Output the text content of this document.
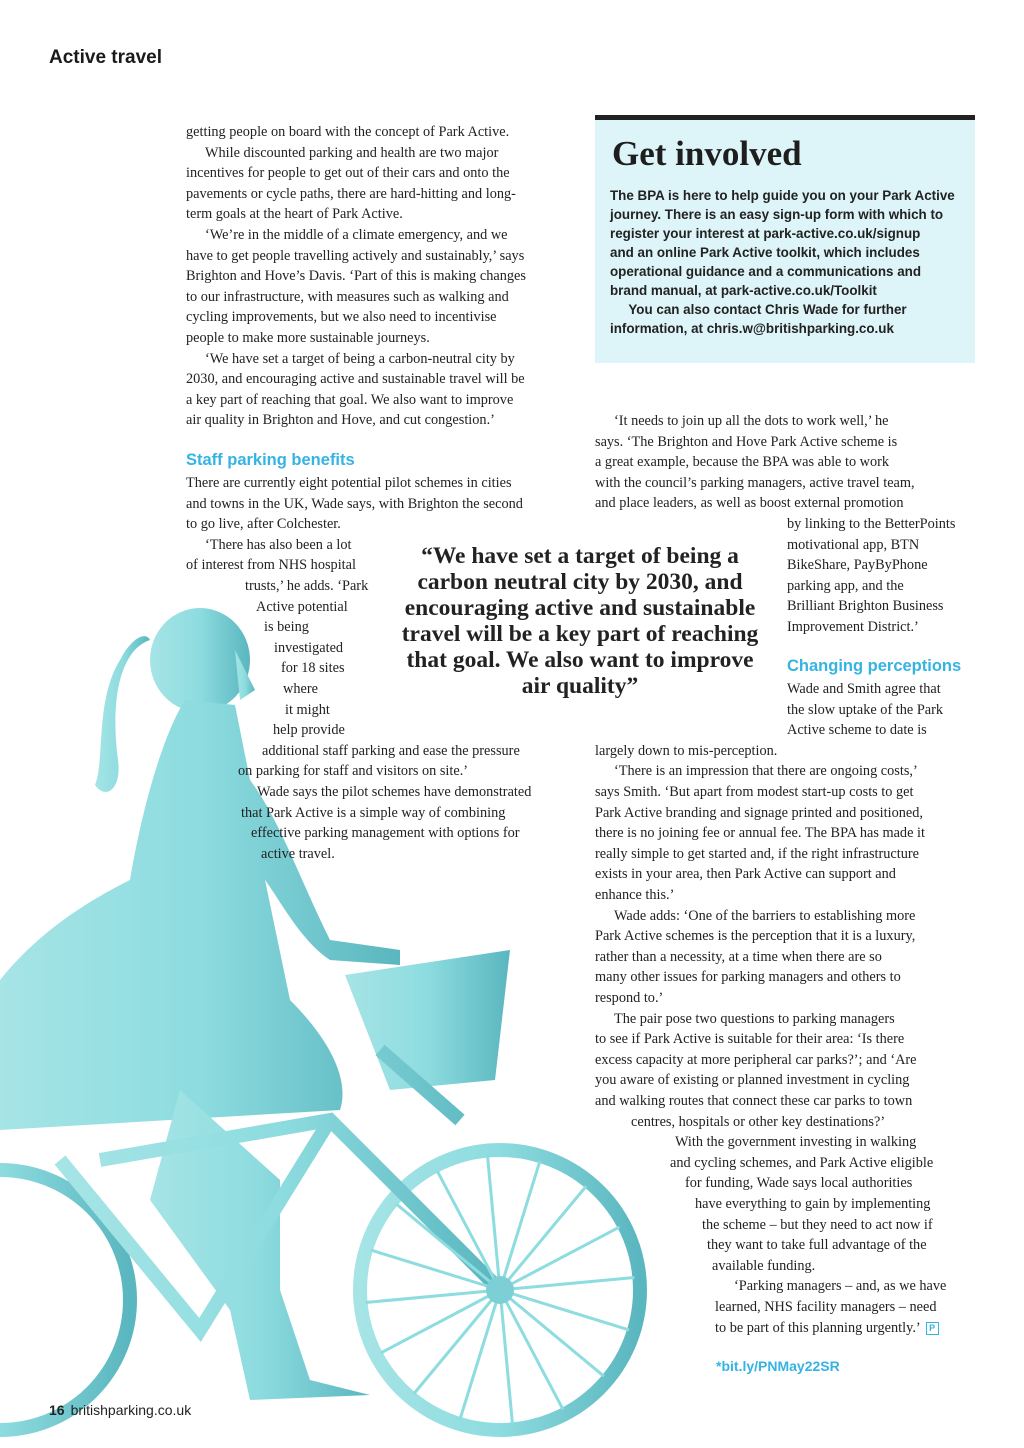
Active travel
getting people on board with the concept of Park Active.
While discounted parking and health are two major
incentives for people to get out of their cars and onto the
pavements or cycle paths, there are hard-hitting and long-
term goals at the heart of Park Active.
‘We’re in the middle of a climate emergency, and we
have to get people travelling actively and sustainably,’ says
Brighton and Hove’s Davis. ‘Part of this is making changes
to our infrastructure, with measures such as walking and
cycling improvements, but we also need to incentivise
people to make more sustainable journeys.
‘We have set a target of being a carbon-neutral city by
2030, and encouraging active and sustainable travel will be
a key part of reaching that goal. We also want to improve
air quality in Brighton and Hove, and cut congestion.’
Staff parking benefits
There are currently eight potential pilot schemes in cities
and towns in the UK, Wade says, with Brighton the second
to go live, after Colchester.
‘There has also been a lot
of interest from NHS hospital
trusts,’ he adds. ‘Park
Active potential
is being
investigated
for 18 sites
where
it might
help provide
additional staff parking and ease the pressure
on parking for staff and visitors on site.’
Wade says the pilot schemes have demonstrated
that Park Active is a simple way of combining
effective parking management with options for
active travel.
Get involved
The BPA is here to help guide you on your Park Active
journey. There is an easy sign-up form with which to
register your interest at park-active.co.uk/signup
and an online Park Active toolkit, which includes
operational guidance and a communications and
brand manual, at park-active.co.uk/Toolkit
You can also contact Chris Wade for further
information, at chris.w@britishparking.co.uk
‘It needs to join up all the dots to work well,’ he
says. ‘The Brighton and Hove Park Active scheme is
a great example, because the BPA was able to work
with the council’s parking managers, active travel team,
and place leaders, as well as boost external promotion
by linking to the BetterPoints
motivational app, BTN
BikeShare, PayByPhone
parking app, and the
Brilliant Brighton Business
Improvement District.’
Changing perceptions
Wade and Smith agree that
the slow uptake of the Park
Active scheme to date is
largely down to mis-perception.
‘There is an impression that there are ongoing costs,’
says Smith. ‘But apart from modest start-up costs to get
Park Active branding and signage printed and positioned,
there is no joining fee or annual fee. The BPA has made it
really simple to get started and, if the right infrastructure
exists in your area, then Park Active can support and
enhance this.’
Wade adds: ‘One of the barriers to establishing more
Park Active schemes is the perception that it is a luxury,
rather than a necessity, at a time when there are so
many other issues for parking managers and others to
respond to.’
The pair pose two questions to parking managers
to see if Park Active is suitable for their area: ‘Is there
excess capacity at more peripheral car parks?’; and ‘Are
you aware of existing or planned investment in cycling
and walking routes that connect these car parks to town
centres, hospitals or other key destinations?’
With the government investing in walking
and cycling schemes, and Park Active eligible
for funding, Wade says local authorities
have everything to gain by implementing
the scheme – but they need to act now if
they want to take full advantage of the
available funding.
‘Parking managers – and, as we have
learned, NHS facility managers – need
to be part of this planning urgently.’ P
“We have set a target of being a carbon neutral city by 2030, and encouraging active and sustainable travel will be a key part of reaching that goal. We also want to improve air quality”
*bit.ly/PNMay22SR
16 britishparking.co.uk
